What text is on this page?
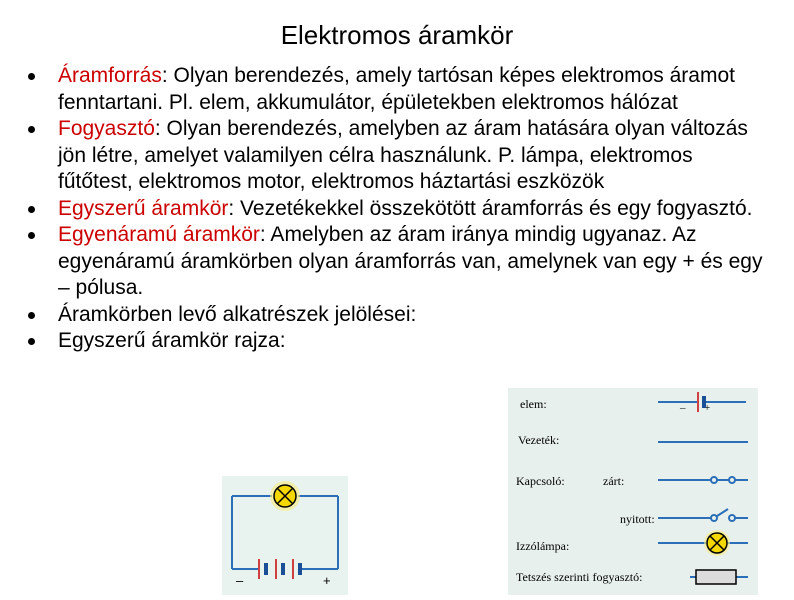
Elektromos áramkör
Áramforrás: Olyan berendezés, amely tartósan képes elektromos áramot fenntartani. Pl. elem, akkumulátor, épületekben elektromos hálózat
Fogyasztó: Olyan berendezés, amelyben az áram hatására olyan változás jön létre, amelyet valamilyen célra használunk. P. lámpa, elektromos fűtőtest, elektromos motor, elektromos háztartási eszközök
Egyszerű áramkör: Vezetékekkel összekötött áramforrás és egy fogyasztó.
Egyenáramú áramkör: Amelyben az áram iránya mindig ugyanaz. Az egyenáramú áramkörben olyan áramforrás van, amelynek van egy + és egy – pólusa.
Áramkörben levő alkatrészek jelölései:
Egyszerű áramkör rajza:
elem:
Vezeték:
Kapcsoló:	zárt:
nyitott:
Izzólámpa:
Tetszés szerinti fogyasztó:
– +
–	+
